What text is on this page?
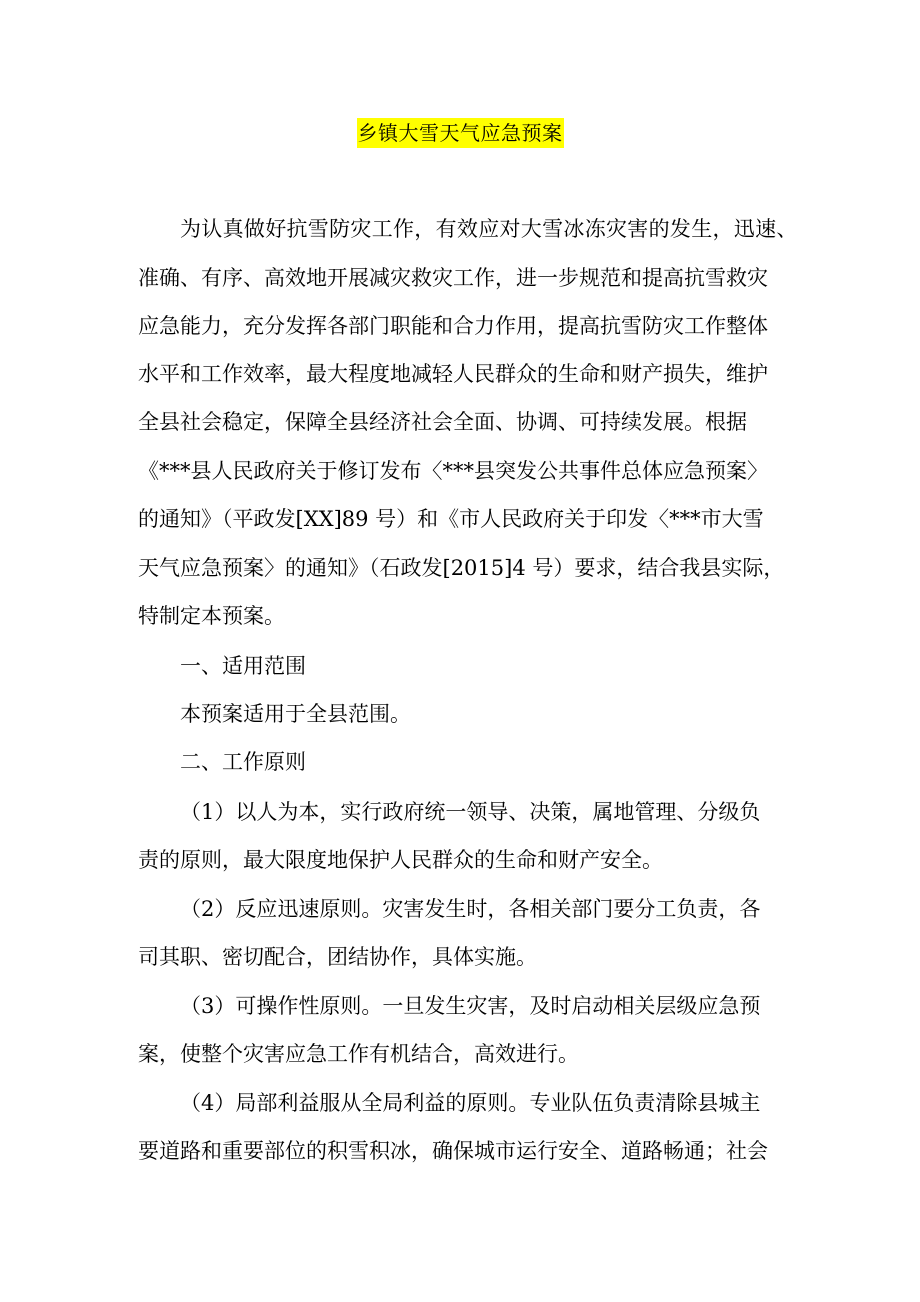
乡镇大雪天气应急预案
为认真做好抗雪防灾工作，有效应对大雪冰冻灾害的发生，迅速、
准确、有序、高效地开展减灾救灾工作，进一步规范和提高抗雪救灾
应急能力，充分发挥各部门职能和合力作用，提高抗雪防灾工作整体
水平和工作效率，最大程度地减轻人民群众的生命和财产损失，维护
全县社会稳定，保障全县经济社会全面、协调、可持续发展。根据
《***县人民政府关于修订发布〈***县突发公共事件总体应急预案〉
的通知》（平政发[XX]89 号）和《市人民政府关于印发〈***市大雪
天气应急预案〉的通知》（石政发[2015]4 号）要求，结合我县实际，
特制定本预案。
一、适用范围
本预案适用于全县范围。
二、工作原则
（1）以人为本，实行政府统一领导、决策，属地管理、分级负
责的原则，最大限度地保护人民群众的生命和财产安全。
（2）反应迅速原则。灾害发生时，各相关部门要分工负责，各
司其职、密切配合，团结协作，具体实施。
（3）可操作性原则。一旦发生灾害，及时启动相关层级应急预
案，使整个灾害应急工作有机结合，高效进行。
（4）局部利益服从全局利益的原则。专业队伍负责清除县城主
要道路和重要部位的积雪积冰，确保城市运行安全、道路畅通；社会
